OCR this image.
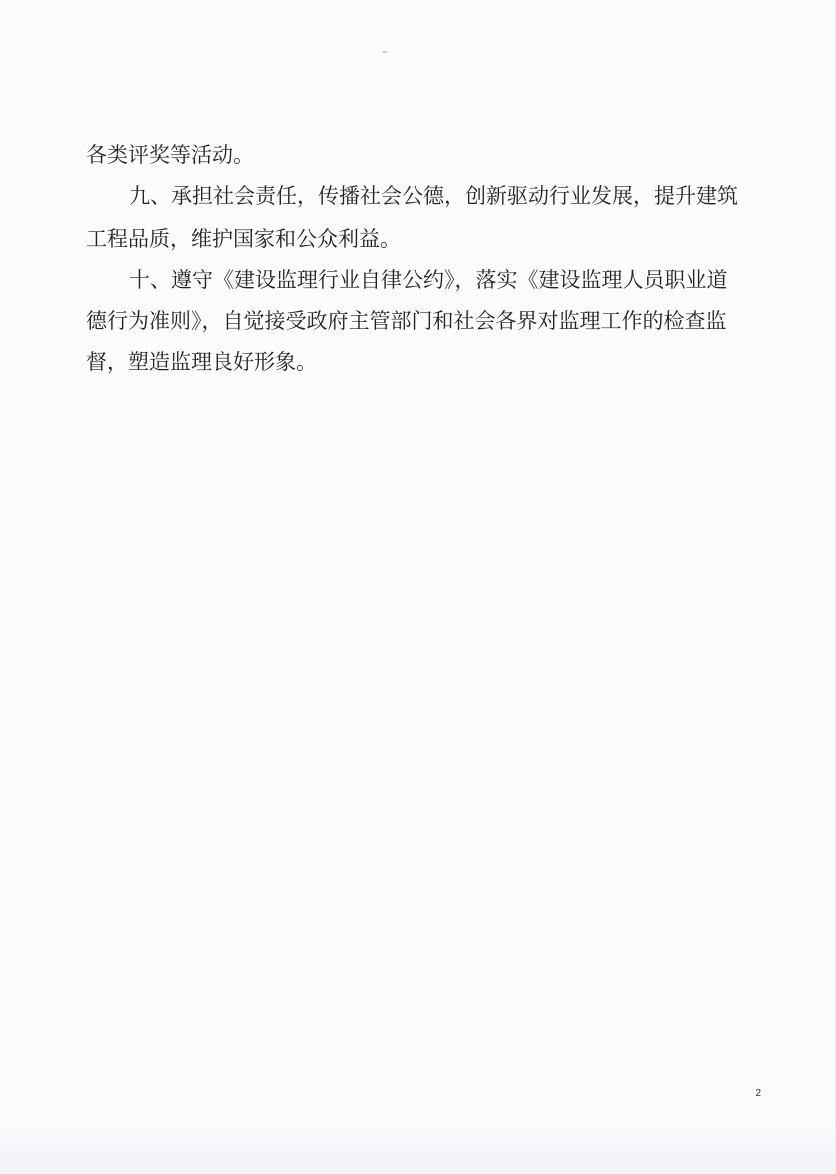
各类评奖等活动。

九、承担社会责任，传播社会公德，创新驱动行业发展，提升建筑

工程品质，维护国家和公众利益。

十、遵守《建设监理行业自律公约》，落实《建设监理人员职业道

德行为准则》，自觉接受政府主管部门和社会各界对监理工作的检查监

督，塑造监理良好形象。

2
